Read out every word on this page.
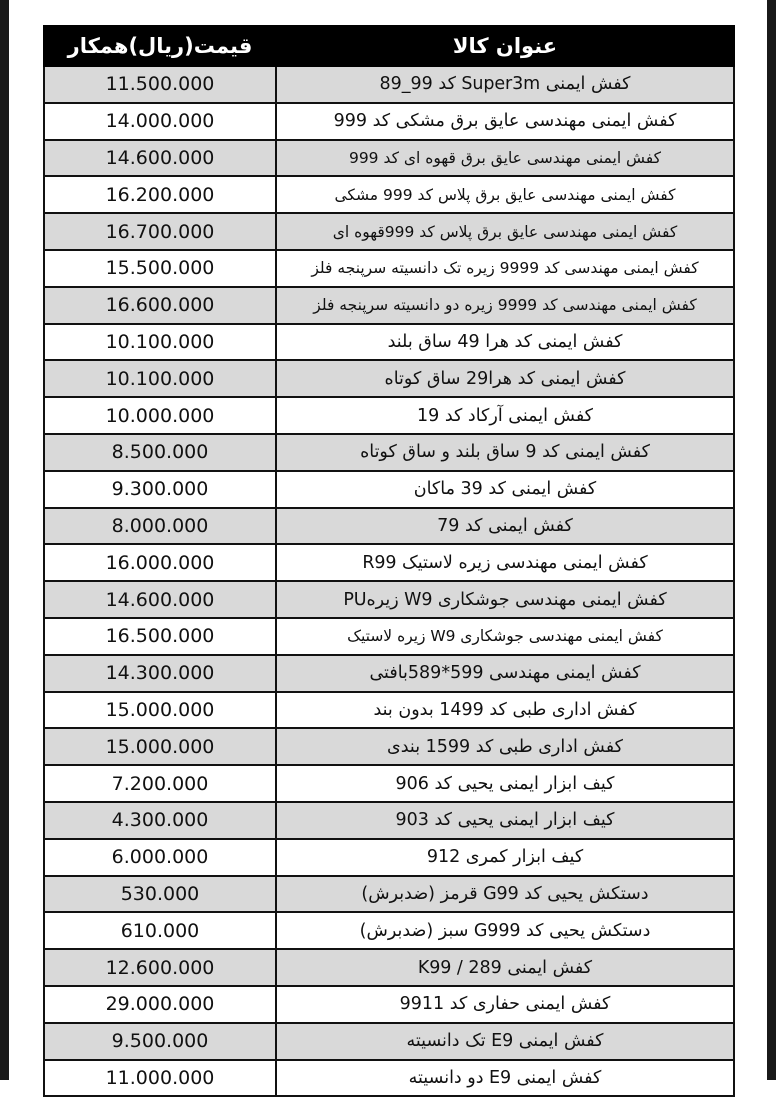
عنوان کالا	قیمت(ریال)همکار
کفش ایمنی Super3m کد 99_89	11.500.000
کفش ایمنی مهندسی عایق برق مشکی کد 999	14.000.000
کفش ایمنی مهندسی عایق برق قهوه ای کد 999	14.600.000
کفش ایمنی مهندسی عایق برق پلاس کد 999 مشکی	16.200.000
کفش ایمنی مهندسی عایق برق پلاس کد 999قهوه ای	16.700.000
کفش ایمنی مهندسی کد 9999 زیره تک دانسیته سرپنجه فلز	15.500.000
کفش ایمنی مهندسی کد 9999 زیره دو دانسیته سرپنجه فلز	16.600.000
کفش ایمنی کد هرا 49 ساق بلند	10.100.000
کفش ایمنی کد هرا29 ساق کوتاه	10.100.000
کفش ایمنی آرکاد کد 19	10.000.000
کفش ایمنی کد 9 ساق بلند و ساق کوتاه	8.500.000
کفش ایمنی کد 39 ماکان	9.300.000
کفش ایمنی کد 79	8.000.000
کفش ایمنی مهندسی زیره لاستیک R99	16.000.000
کفش ایمنی مهندسی جوشکاری W9 زیرهPU	14.600.000
کفش ایمنی مهندسی جوشکاری W9 زیره لاستیک	16.500.000
کفش ایمنی مهندسی 599*589بافتی	14.300.000
کفش اداری طبی کد 1499 بدون بند	15.000.000
کفش اداری طبی کد 1599 بندی	15.000.000
کیف ابزار ایمنی یحیی کد 906	7.200.000
کیف ابزار ایمنی یحیی کد 903	4.300.000
کیف ابزار کمری 912	6.000.000
دستکش یحیی کد G99 قرمز (ضدبرش)	530.000
دستکش یحیی کد G999 سبز (ضدبرش)	610.000
کفش ایمنی 289 / K99	12.600.000
کفش ایمنی حفاری کد 9911	29.000.000
کفش ایمنی E9 تک دانسیته	9.500.000
کفش ایمنی E9 دو دانسیته	11.000.000
